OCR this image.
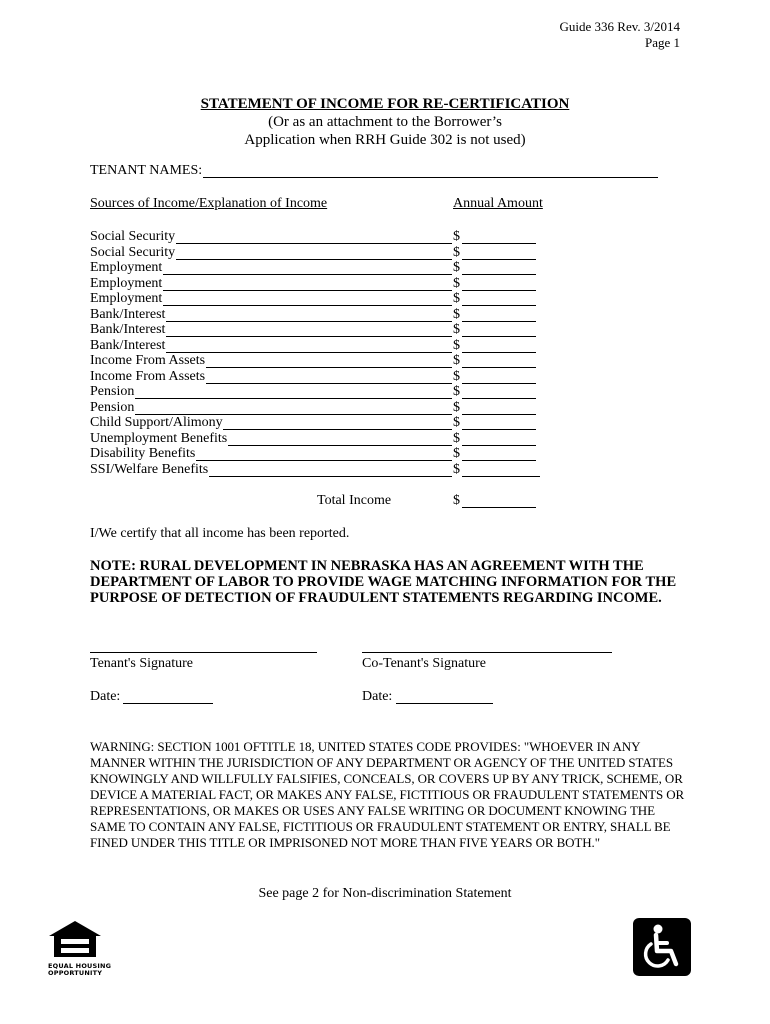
Guide 336 Rev. 3/2014
Page 1
STATEMENT OF INCOME FOR RE-CERTIFICATION
(Or as an attachment to the Borrower’s
Application when RRH Guide 302 is not used)
TENANT NAMES:
Sources of Income/Explanation of Income	Annual Amount
Social Security	$
Social Security	$
Employment	$
Employment	$
Employment	$
Bank/Interest	$
Bank/Interest	$
Bank/Interest	$
Income From Assets	$
Income From Assets	$
Pension	$
Pension	$
Child Support/Alimony	$
Unemployment Benefits	$
Disability Benefits	$
SSI/Welfare Benefits	$
Total Income	$
I/We certify that all income has been reported.
NOTE: RURAL DEVELOPMENT IN NEBRASKA HAS AN AGREEMENT WITH THE DEPARTMENT OF LABOR TO PROVIDE WAGE MATCHING INFORMATION FOR THE PURPOSE OF DETECTION OF FRAUDULENT STATEMENTS REGARDING INCOME.
Tenant's Signature	Co-Tenant's Signature
Date:	Date:
WARNING: SECTION 1001 OFTITLE 18, UNITED STATES CODE PROVIDES: "WHOEVER IN ANY MANNER WITHIN THE JURISDICTION OF ANY DEPARTMENT OR AGENCY OF THE UNITED STATES KNOWINGLY AND WILLFULLY FALSIFIES, CONCEALS, OR COVERS UP BY ANY TRICK, SCHEME, OR DEVICE A MATERIAL FACT, OR MAKES ANY FALSE, FICTITIOUS OR FRAUDULENT STATEMENTS OR REPRESENTATIONS, OR MAKES OR USES ANY FALSE WRITING OR DOCUMENT KNOWING THE SAME TO CONTAIN ANY FALSE, FICTITIOUS OR FRAUDULENT STATEMENT OR ENTRY, SHALL BE FINED UNDER THIS TITLE OR IMPRISONED NOT MORE THAN FIVE YEARS OR BOTH."
See page 2 for Non-discrimination Statement
EQUAL HOUSING
OPPORTUNITY
